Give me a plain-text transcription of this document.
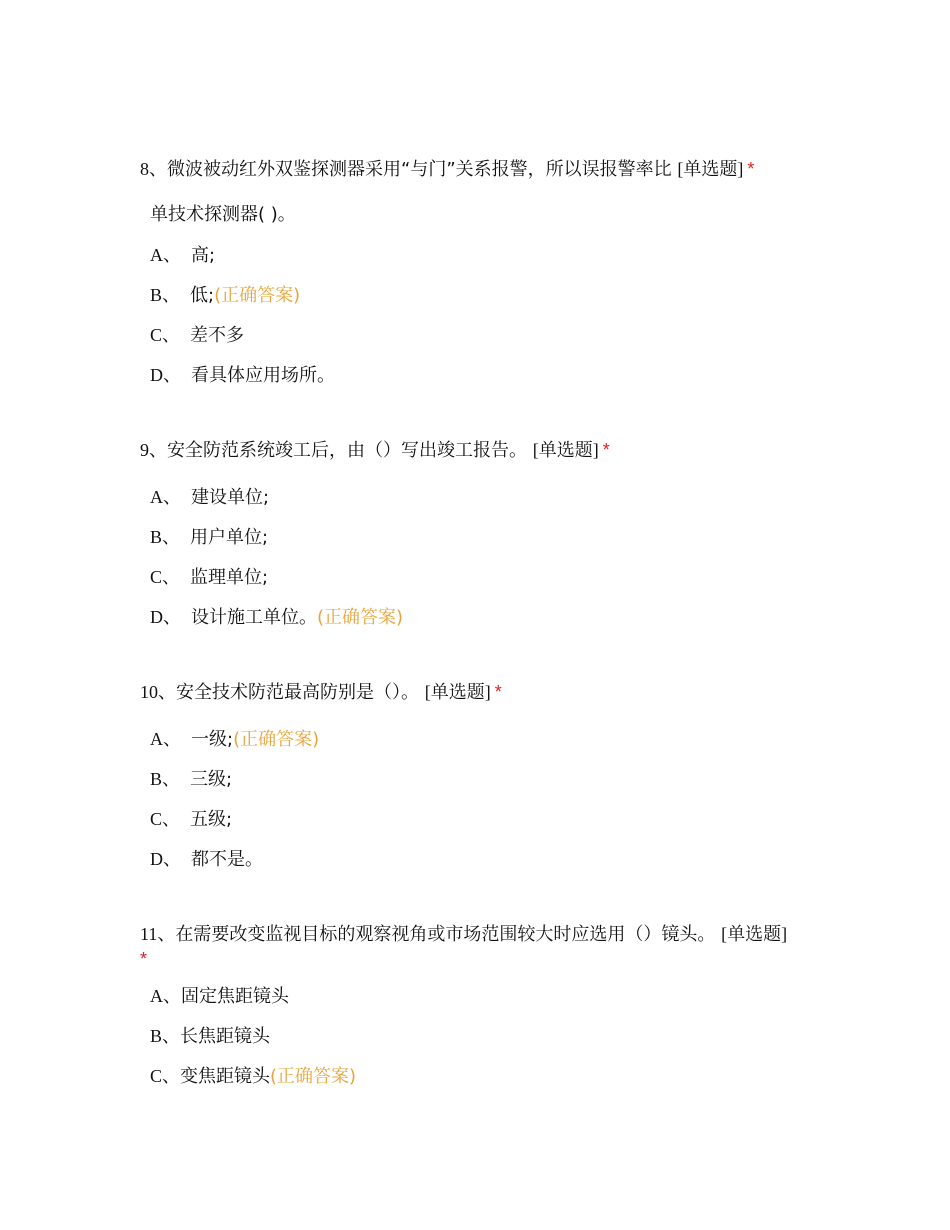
8、微波被动红外双鉴探测器采用“与门”关系报警，所以误报警率比 [单选题] *

单技术探测器( )。
A、 高;
B、 低;(正确答案)
C、 差不多
D、 看具体应用场所。

9、安全防范系统竣工后，由（）写出竣工报告。 [单选题] *

A、 建设单位;
B、 用户单位;
C、 监理单位;
D、 设计施工单位。(正确答案)

10、安全技术防范最高防别是（）。 [单选题] *

A、 一级;(正确答案)
B、 三级;
C、 五级;
D、 都不是。

11、在需要改变监视目标的观察视角或市场范围较大时应选用（）镜头。 [单选题]
*

A、固定焦距镜头
B、长焦距镜头
C、变焦距镜头(正确答案)
